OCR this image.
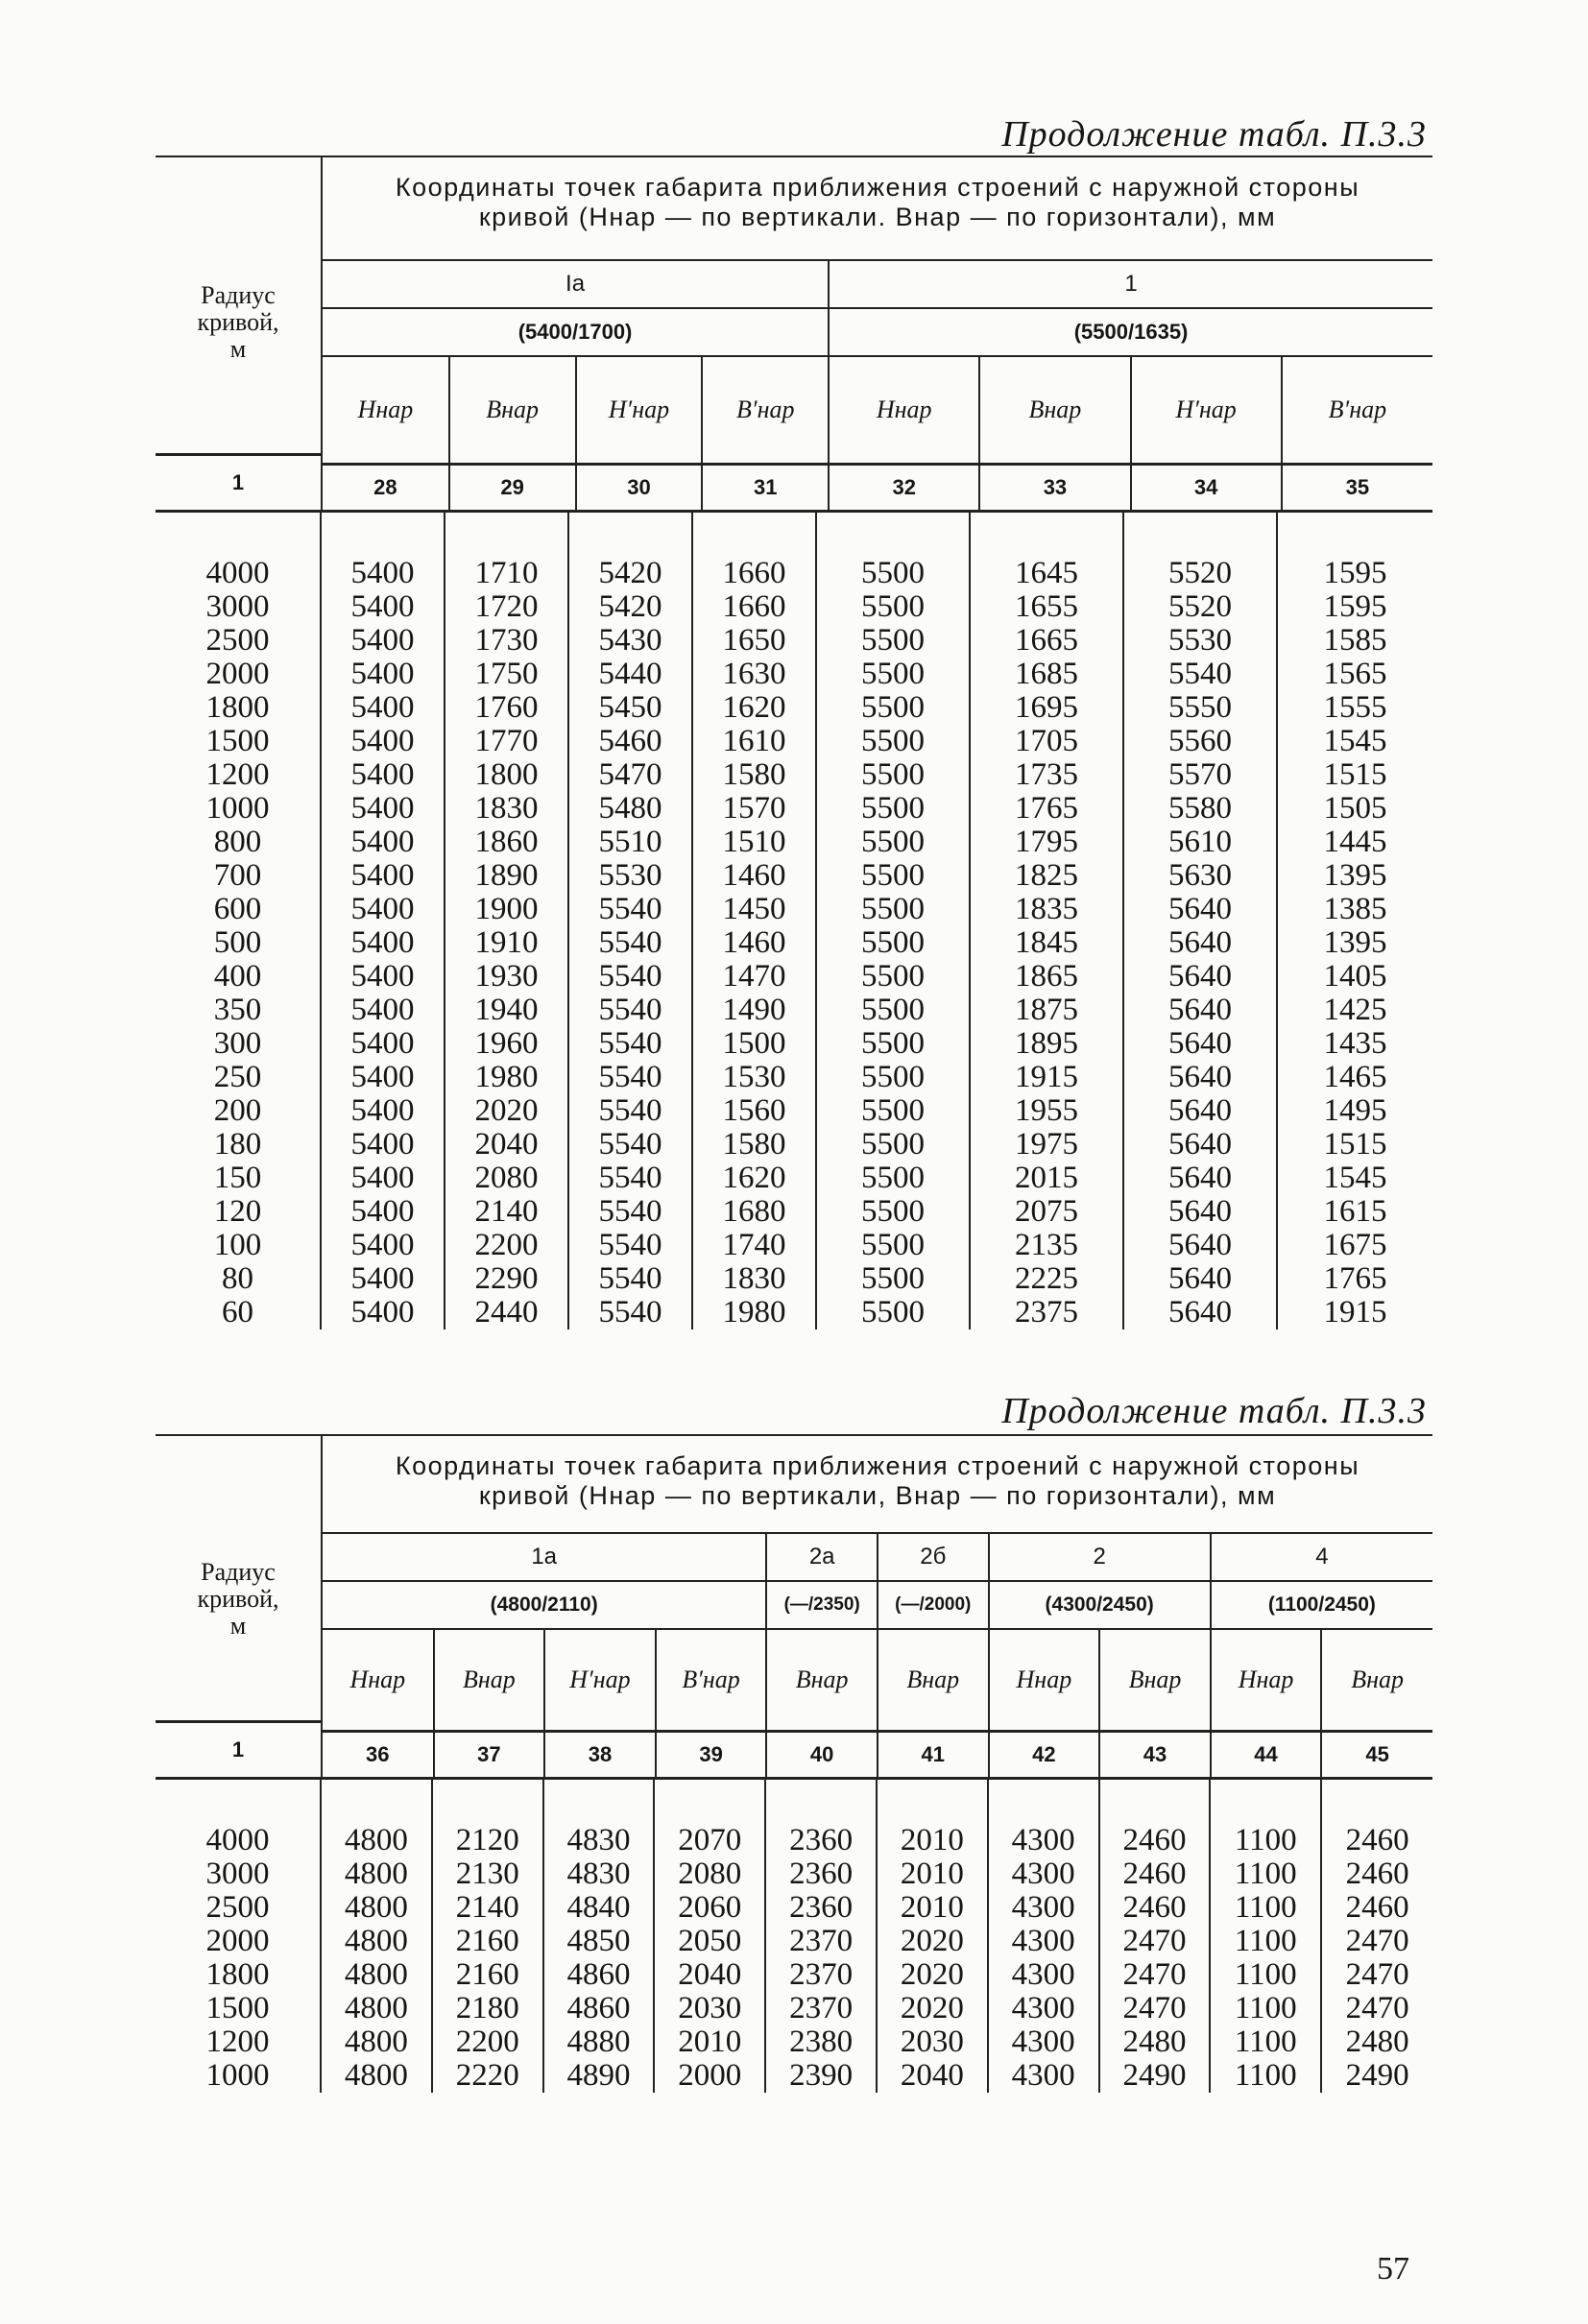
Продолжение табл. П.3.3
Радиус
кривой,
м
1
Координаты точек габарита приближения строений с наружной стороны
кривой (Hнар — по вертикали. Bнар — по горизонтали), мм
Iа				1			
(5400/1700)				(5500/1635)			
Hнар	Bнар	H′нар	B′нар	Hнар	Bнар	H′нар	B′нар
28	29	30	31	32	33	34	35
4000	5400	1710	5420	1660	5500	1645	5520	1595
3000	5400	1720	5420	1660	5500	1655	5520	1595
2500	5400	1730	5430	1650	5500	1665	5530	1585
2000	5400	1750	5440	1630	5500	1685	5540	1565
1800	5400	1760	5450	1620	5500	1695	5550	1555
1500	5400	1770	5460	1610	5500	1705	5560	1545
1200	5400	1800	5470	1580	5500	1735	5570	1515
1000	5400	1830	5480	1570	5500	1765	5580	1505
800	5400	1860	5510	1510	5500	1795	5610	1445
700	5400	1890	5530	1460	5500	1825	5630	1395
600	5400	1900	5540	1450	5500	1835	5640	1385
500	5400	1910	5540	1460	5500	1845	5640	1395
400	5400	1930	5540	1470	5500	1865	5640	1405
350	5400	1940	5540	1490	5500	1875	5640	1425
300	5400	1960	5540	1500	5500	1895	5640	1435
250	5400	1980	5540	1530	5500	1915	5640	1465
200	5400	2020	5540	1560	5500	1955	5640	1495
180	5400	2040	5540	1580	5500	1975	5640	1515
150	5400	2080	5540	1620	5500	2015	5640	1545
120	5400	2140	5540	1680	5500	2075	5640	1615
100	5400	2200	5540	1740	5500	2135	5640	1675
80	5400	2290	5540	1830	5500	2225	5640	1765
60	5400	2440	5540	1980	5500	2375	5640	1915
Продолжение табл. П.3.3
Радиус
кривой,
м
1
Координаты точек габарита приближения строений с наружной стороны
кривой (Hнар — по вертикали, Bнар — по горизонтали), мм
1а				2а	2б	2		4	
(4800/2110)				(—/2350)	(—/2000)	(4300/2450)		(1100/2450)	
Hнар	Bнар	H′нар	B′нар	Bнар	Bнар	Hнар	Bнар	Hнар	Bнар
36	37	38	39	40	41	42	43	44	45
4000	4800	2120	4830	2070	2360	2010	4300	2460	1100	2460
3000	4800	2130	4830	2080	2360	2010	4300	2460	1100	2460
2500	4800	2140	4840	2060	2360	2010	4300	2460	1100	2460
2000	4800	2160	4850	2050	2370	2020	4300	2470	1100	2470
1800	4800	2160	4860	2040	2370	2020	4300	2470	1100	2470
1500	4800	2180	4860	2030	2370	2020	4300	2470	1100	2470
1200	4800	2200	4880	2010	2380	2030	4300	2480	1100	2480
1000	4800	2220	4890	2000	2390	2040	4300	2490	1100	2490
57
